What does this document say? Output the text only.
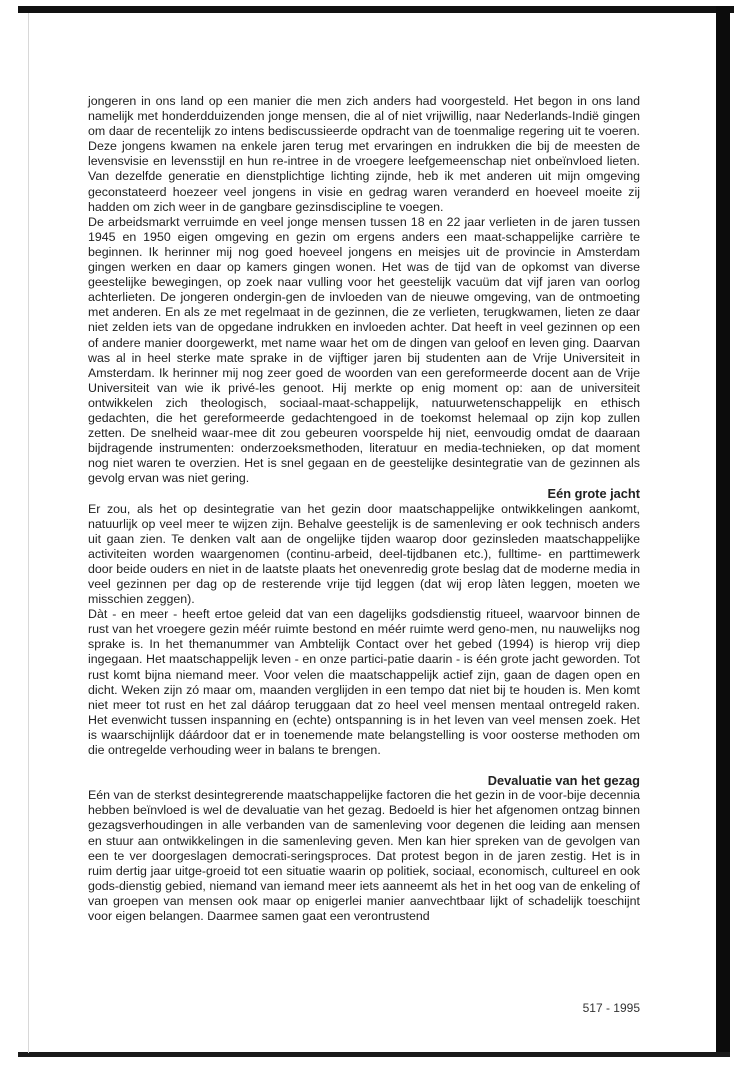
jongeren in ons land op een manier die men zich anders had voorgesteld. Het begon in ons land namelijk met honderdduizenden jonge mensen, die al of niet vrijwillig, naar Nederlands-Indië gingen om daar de recentelijk zo intens bediscussieerde opdracht van de toenmalige regering uit te voeren. Deze jongens kwamen na enkele jaren terug met ervaringen en indrukken die bij de meesten de levensvisie en levensstijl en hun re-intree in de vroegere leefgemeenschap niet onbeïnvloed lieten. Van dezelfde generatie en dienstplichtige lichting zijnde, heb ik met anderen uit mijn omgeving geconstateerd hoezeer veel jongens in visie en gedrag waren veranderd en hoeveel moeite zij hadden om zich weer in de gangbare gezinsdiscipline te voegen.

De arbeidsmarkt verruimde en veel jonge mensen tussen 18 en 22 jaar verlieten in de jaren tussen 1945 en 1950 eigen omgeving en gezin om ergens anders een maat-schappelijke carrière te beginnen. Ik herinner mij nog goed hoeveel jongens en meisjes uit de provincie in Amsterdam gingen werken en daar op kamers gingen wonen. Het was de tijd van de opkomst van diverse geestelijke bewegingen, op zoek naar vulling voor het geestelijk vacuüm dat vijf jaren van oorlog achterlieten. De jongeren ondergin-gen de invloeden van de nieuwe omgeving, van de ontmoeting met anderen. En als ze met regelmaat in de gezinnen, die ze verlieten, terugkwamen, lieten ze daar niet zelden iets van de opgedane indrukken en invloeden achter. Dat heeft in veel gezinnen op een of andere manier doorgewerkt, met name waar het om de dingen van geloof en leven ging. Daarvan was al in heel sterke mate sprake in de vijftiger jaren bij studenten aan de Vrije Universiteit in Amsterdam. Ik herinner mij nog zeer goed de woorden van een gereformeerde docent aan de Vrije Universiteit van wie ik privé-les genoot. Hij merkte op enig moment op: aan de universiteit ontwikkelen zich theologisch, sociaal-maat-schappelijk, natuurwetenschappelijk en ethisch gedachten, die het gereformeerde gedachtengoed in de toekomst helemaal op zijn kop zullen zetten. De snelheid waar-mee dit zou gebeuren voorspelde hij niet, eenvoudig omdat de daaraan bijdragende instrumenten: onderzoeksmethoden, literatuur en media-technieken, op dat moment nog niet waren te overzien. Het is snel gegaan en de geestelijke desintegratie van de gezinnen als gevolg ervan was niet gering.

Eén grote jacht

Er zou, als het op desintegratie van het gezin door maatschappelijke ontwikkelingen aankomt, natuurlijk op veel meer te wijzen zijn. Behalve geestelijk is de samenleving er ook technisch anders uit gaan zien. Te denken valt aan de ongelijke tijden waarop door gezinsleden maatschappelijke activiteiten worden waargenomen (continu-arbeid, deel-tijdbanen etc.), fulltime- en parttimewerk door beide ouders en niet in de laatste plaats het onevenredig grote beslag dat de moderne media in veel gezinnen per dag op de resterende vrije tijd leggen (dat wij erop làten leggen, moeten we misschien zeggen).

Dàt - en meer - heeft ertoe geleid dat van een dagelijks godsdienstig ritueel, waarvoor binnen de rust van het vroegere gezin méér ruimte bestond en méér ruimte werd geno-men, nu nauwelijks nog sprake is. In het themanummer van Ambtelijk Contact over het gebed (1994) is hierop vrij diep ingegaan. Het maatschappelijk leven - en onze partici-patie daarin - is één grote jacht geworden. Tot rust komt bijna niemand meer. Voor velen die maatschappelijk actief zijn, gaan de dagen open en dicht. Weken zijn zó maar om, maanden verglijden in een tempo dat niet bij te houden is. Men komt niet meer tot rust en het zal dáárop teruggaan dat zo heel veel mensen mentaal ontregeld raken. Het evenwicht tussen inspanning en (echte) ontspanning is in het leven van veel mensen zoek. Het is waarschijnlijk dáárdoor dat er in toenemende mate belangstelling is voor oosterse methoden om die ontregelde verhouding weer in balans te brengen.

Devaluatie van het gezag

Eén van de sterkst desintegrerende maatschappelijke factoren die het gezin in de voor-bije decennia hebben beïnvloed is wel de devaluatie van het gezag. Bedoeld is hier het afgenomen ontzag binnen gezagsverhoudingen in alle verbanden van de samenleving voor degenen die leiding aan mensen en stuur aan ontwikkelingen in die samenleving geven. Men kan hier spreken van de gevolgen van een te ver doorgeslagen democrati-seringsproces. Dat protest begon in de jaren zestig. Het is in ruim dertig jaar uitge-groeid tot een situatie waarin op politiek, sociaal, economisch, cultureel en ook gods-dienstig gebied, niemand van iemand meer iets aanneemt als het in het oog van de enkeling of van groepen van mensen ook maar op enigerlei manier aanvechtbaar lijkt of schadelijk toeschijnt voor eigen belangen. Daarmee samen gaat een verontrustend

517 - 1995
